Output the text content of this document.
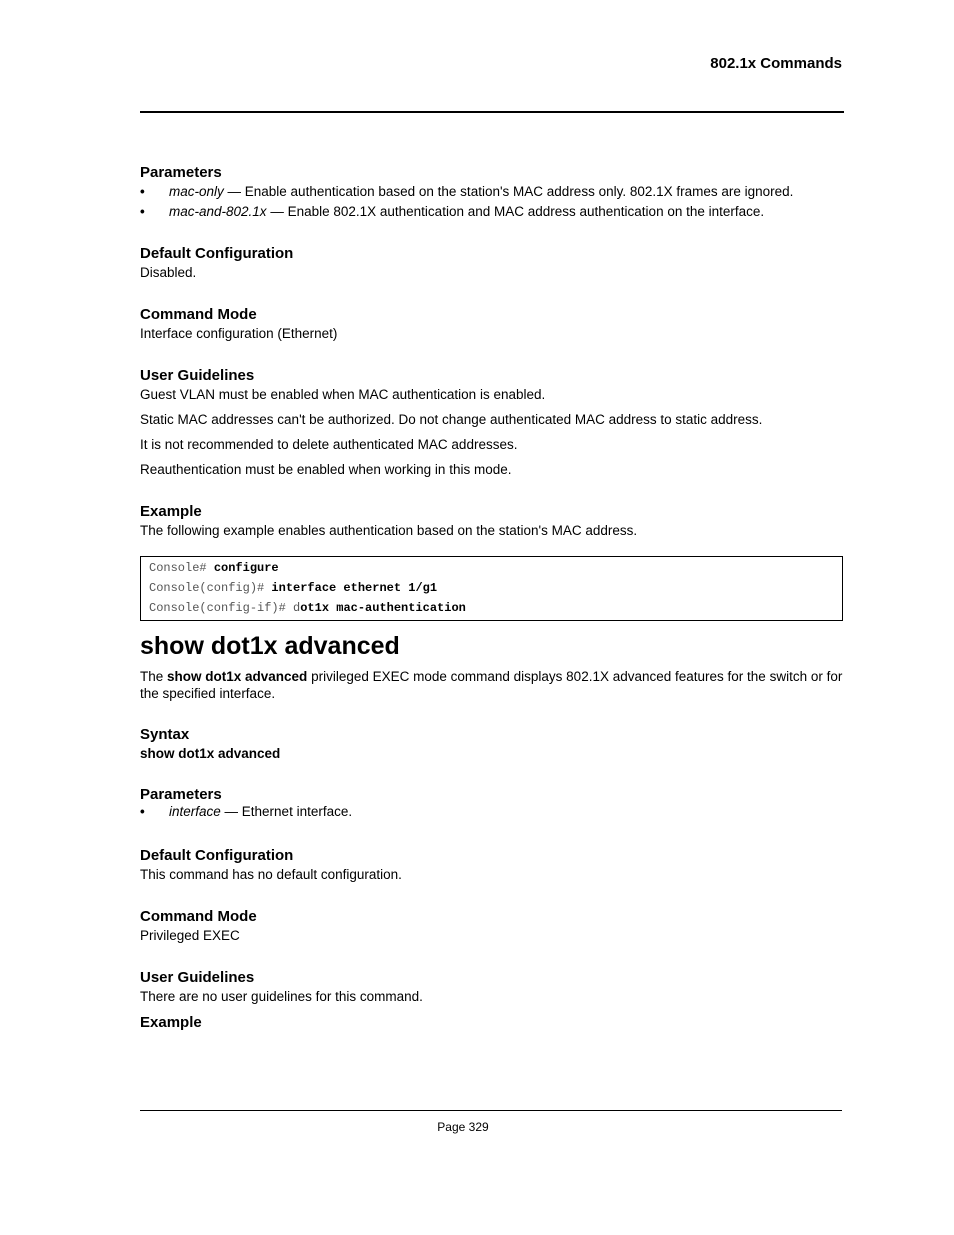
802.1x Commands
Parameters
• mac-only — Enable authentication based on the station's MAC address only. 802.1X frames are ignored.
• mac-and-802.1x — Enable 802.1X authentication and MAC address authentication on the interface.
Default Configuration
Disabled.
Command Mode
Interface configuration (Ethernet)
User Guidelines

Guest VLAN must be enabled when MAC authentication is enabled.

Static MAC addresses can't be authorized. Do not change authenticated MAC address to static address.

It is not recommended to delete authenticated MAC addresses.

Reauthentication must be enabled when working in this mode.

Example
The following example enables authentication based on the station's MAC address.
Console# configure
Console(config)# interface ethernet 1/g1
Console(config-if)# dot1x mac-authentication
show dot1x advanced
The show dot1x advanced privileged EXEC mode command displays 802.1X advanced features for the switch or for the specified interface.
Syntax
show dot1x advanced
Parameters
• interface — Ethernet interface.
Default Configuration
This command has no default configuration.
Command Mode
Privileged EXEC
User Guidelines
There are no user guidelines for this command.
Example
Page 329
